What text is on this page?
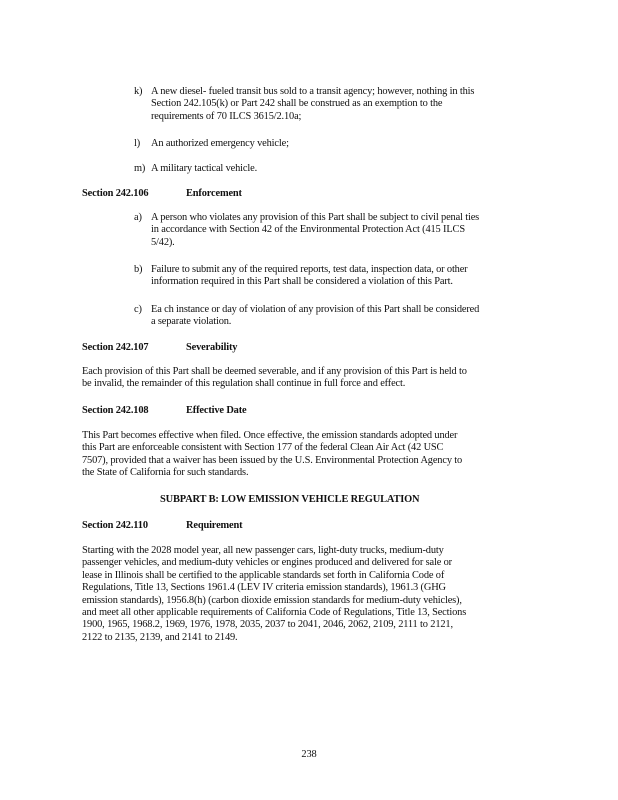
k) A new diesel- fueled transit bus sold to a transit agency; however, nothing in this
Section 242.105(k) or Part 242 shall be construed as an exemption to the
requirements of 70 ILCS 3615/2.10a;
l)	An authorized emergency vehicle;
m) A military tactical vehicle.
Section 242.106	Enforcement
a) A person who violates any provision of this Part shall be subject to civil penal ties
in accordance with Section 42 of the Environmental Protection Act (415 ILCS
5/42).
b) Failure to submit any of the required reports, test data, inspection data, or other
information required in this Part shall be considered a violation of this Part.
c) Ea ch instance or day of violation of any provision of this Part shall be considered
a separate violation.
Section 242.107	Severability
Each provision of this Part shall be deemed severable, and if any provision of this Part is held to
be invalid, the remainder of this regulation shall continue in full force and effect.
Section 242.108	Effective Date
This Part becomes effective when filed. Once effective, the emission standards adopted under
this Part are enforceable consistent with Section 177 of the federal Clean Air Act (42 USC
7507), provided that a waiver has been issued by the U.S. Environmental Protection Agency to
the State of California for such standards.
SUBPART B: LOW EMISSION VEHICLE REGULATION
Section 242.110	Requirement
Starting with the 2028 model year, all new passenger cars, light-duty trucks, medium-duty
passenger vehicles, and medium-duty vehicles or engines produced and delivered for sale or
lease in Illinois shall be certified to the applicable standards set forth in California Code of
Regulations, Title 13, Sections 1961.4 (LEV IV criteria emission standards), 1961.3 (GHG
emission standards), 1956.8(h) (carbon dioxide emission standards for medium-duty vehicles),
and meet all other applicable requirements of California Code of Regulations, Title 13, Sections
1900, 1965, 1968.2, 1969, 1976, 1978, 2035, 2037 to 2041, 2046, 2062, 2109, 2111 to 2121,
2122 to 2135, 2139, and 2141 to 2149.
238
